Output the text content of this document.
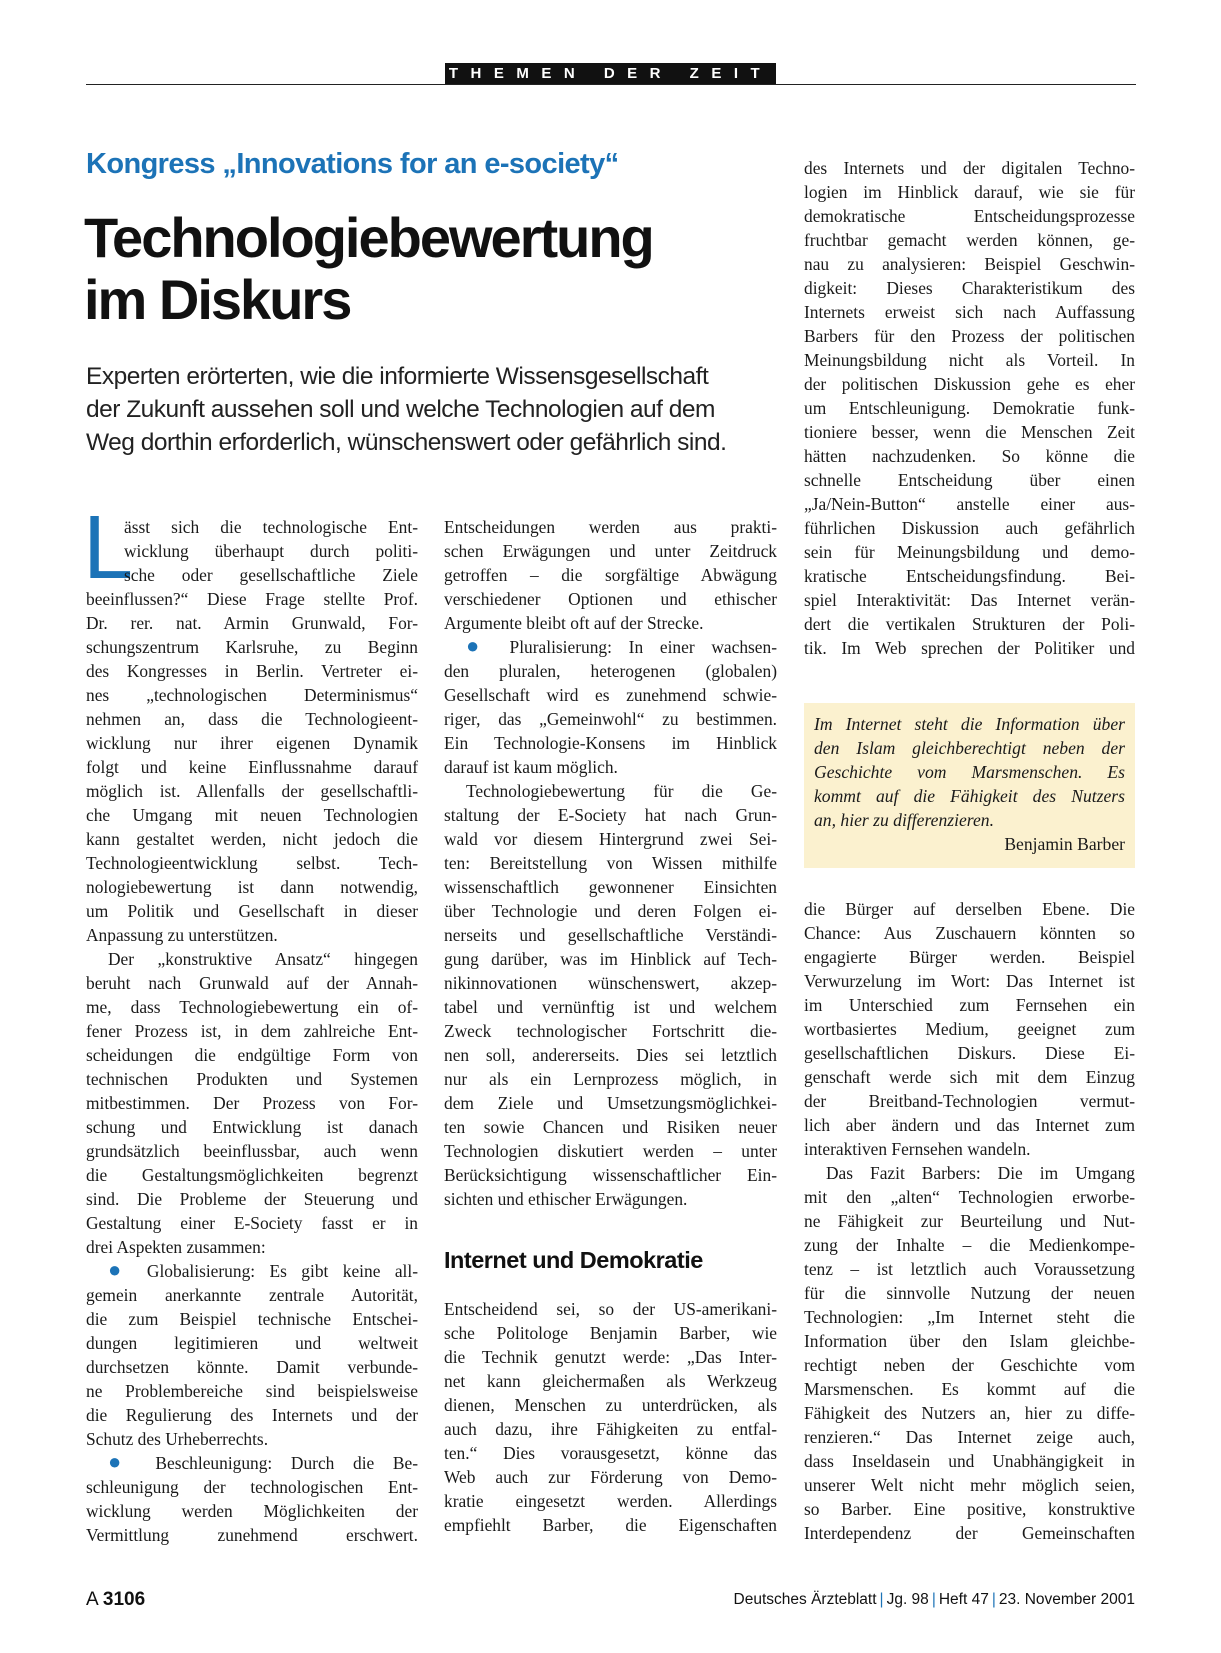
THEMEN DER ZEIT
Kongress „Innovations for an e-society“
Technologiebewertung
im Diskurs
Experten erörterten, wie die informierte Wissensgesellschaft
der Zukunft aussehen soll und welche Technologien auf dem
Weg dorthin erforderlich, wünschenswert oder gefährlich sind.
L
ässt sich die technologische Ent-
wicklung überhaupt durch politi-
sche oder gesellschaftliche Ziele
beeinflussen?“ Diese Frage stellte Prof.
Dr. rer. nat. Armin Grunwald, For-
schungszentrum Karlsruhe, zu Beginn
des Kongresses in Berlin. Vertreter ei-
nes „technologischen Determinismus“
nehmen an, dass die Technologieent-
wicklung nur ihrer eigenen Dynamik
folgt und keine Einflussnahme darauf
möglich ist. Allenfalls der gesellschaftli-
che Umgang mit neuen Technologien
kann gestaltet werden, nicht jedoch die
Technologieentwicklung selbst. Tech-
nologiebewertung ist dann notwendig,
um Politik und Gesellschaft in dieser
Anpassung zu unterstützen.
Der „konstruktive Ansatz“ hingegen
beruht nach Grunwald auf der Annah-
me, dass Technologiebewertung ein of-
fener Prozess ist, in dem zahlreiche Ent-
scheidungen die endgültige Form von
technischen Produkten und Systemen
mitbestimmen. Der Prozess von For-
schung und Entwicklung ist danach
grundsätzlich beeinflussbar, auch wenn
die Gestaltungsmöglichkeiten begrenzt
sind. Die Probleme der Steuerung und
Gestaltung einer E-Society fasst er in
drei Aspekten zusammen:
● Globalisierung: Es gibt keine all-
gemein anerkannte zentrale Autorität,
die zum Beispiel technische Entschei-
dungen legitimieren und weltweit
durchsetzen könnte. Damit verbunde-
ne Problembereiche sind beispielsweise
die Regulierung des Internets und der
Schutz des Urheberrechts.
● Beschleunigung: Durch die Be-
schleunigung der technologischen Ent-
wicklung werden Möglichkeiten der
Vermittlung zunehmend erschwert.
Entscheidungen werden aus prakti-
schen Erwägungen und unter Zeitdruck
getroffen – die sorgfältige Abwägung
verschiedener Optionen und ethischer
Argumente bleibt oft auf der Strecke.
● Pluralisierung: In einer wachsen-
den pluralen, heterogenen (globalen)
Gesellschaft wird es zunehmend schwie-
riger, das „Gemeinwohl“ zu bestimmen.
Ein Technologie-Konsens im Hinblick
darauf ist kaum möglich.
Technologiebewertung für die Ge-
staltung der E-Society hat nach Grun-
wald vor diesem Hintergrund zwei Sei-
ten: Bereitstellung von Wissen mithilfe
wissenschaftlich gewonnener Einsichten
über Technologie und deren Folgen ei-
nerseits und gesellschaftliche Verständi-
gung darüber, was im Hinblick auf Tech-
nikinnovationen wünschenswert, akzep-
tabel und vernünftig ist und welchem
Zweck technologischer Fortschritt die-
nen soll, andererseits. Dies sei letztlich
nur als ein Lernprozess möglich, in
dem Ziele und Umsetzungsmöglichkei-
ten sowie Chancen und Risiken neuer
Technologien diskutiert werden – unter
Berücksichtigung wissenschaftlicher Ein-
sichten und ethischer Erwägungen.
Internet und Demokratie
Entscheidend sei, so der US-amerikani-
sche Politologe Benjamin Barber, wie
die Technik genutzt werde: „Das Inter-
net kann gleichermaßen als Werkzeug
dienen, Menschen zu unterdrücken, als
auch dazu, ihre Fähigkeiten zu entfal-
ten.“ Dies vorausgesetzt, könne das
Web auch zur Förderung von Demo-
kratie eingesetzt werden. Allerdings
empfiehlt Barber, die Eigenschaften
des Internets und der digitalen Techno-
logien im Hinblick darauf, wie sie für
demokratische Entscheidungsprozesse
fruchtbar gemacht werden können, ge-
nau zu analysieren: Beispiel Geschwin-
digkeit: Dieses Charakteristikum des
Internets erweist sich nach Auffassung
Barbers für den Prozess der politischen
Meinungsbildung nicht als Vorteil. In
der politischen Diskussion gehe es eher
um Entschleunigung. Demokratie funk-
tioniere besser, wenn die Menschen Zeit
hätten nachzudenken. So könne die
schnelle Entscheidung über einen
„Ja/Nein-Button“ anstelle einer aus-
führlichen Diskussion auch gefährlich
sein für Meinungsbildung und demo-
kratische Entscheidungsfindung. Bei-
spiel Interaktivität: Das Internet verän-
dert die vertikalen Strukturen der Poli-
tik. Im Web sprechen der Politiker und
Im Internet steht die Information über
den Islam gleichberechtigt neben der
Geschichte vom Marsmenschen. Es
kommt auf die Fähigkeit des Nutzers
an, hier zu differenzieren.
Benjamin Barber
die Bürger auf derselben Ebene. Die
Chance: Aus Zuschauern könnten so
engagierte Bürger werden. Beispiel
Verwurzelung im Wort: Das Internet ist
im Unterschied zum Fernsehen ein
wortbasiertes Medium, geeignet zum
gesellschaftlichen Diskurs. Diese Ei-
genschaft werde sich mit dem Einzug
der Breitband-Technologien vermut-
lich aber ändern und das Internet zum
interaktiven Fernsehen wandeln.
Das Fazit Barbers: Die im Umgang
mit den „alten“ Technologien erworbe-
ne Fähigkeit zur Beurteilung und Nut-
zung der Inhalte – die Medienkompe-
tenz – ist letztlich auch Voraussetzung
für die sinnvolle Nutzung der neuen
Technologien: „Im Internet steht die
Information über den Islam gleichbe-
rechtigt neben der Geschichte vom
Marsmenschen. Es kommt auf die
Fähigkeit des Nutzers an, hier zu diffe-
renzieren.“ Das Internet zeige auch,
dass Inseldasein und Unabhängigkeit in
unserer Welt nicht mehr möglich seien,
so Barber. Eine positive, konstruktive
Interdependenz der Gemeinschaften
A 3106	Deutsches Ärzteblatt | Jg. 98 | Heft 47 | 23. November 2001
